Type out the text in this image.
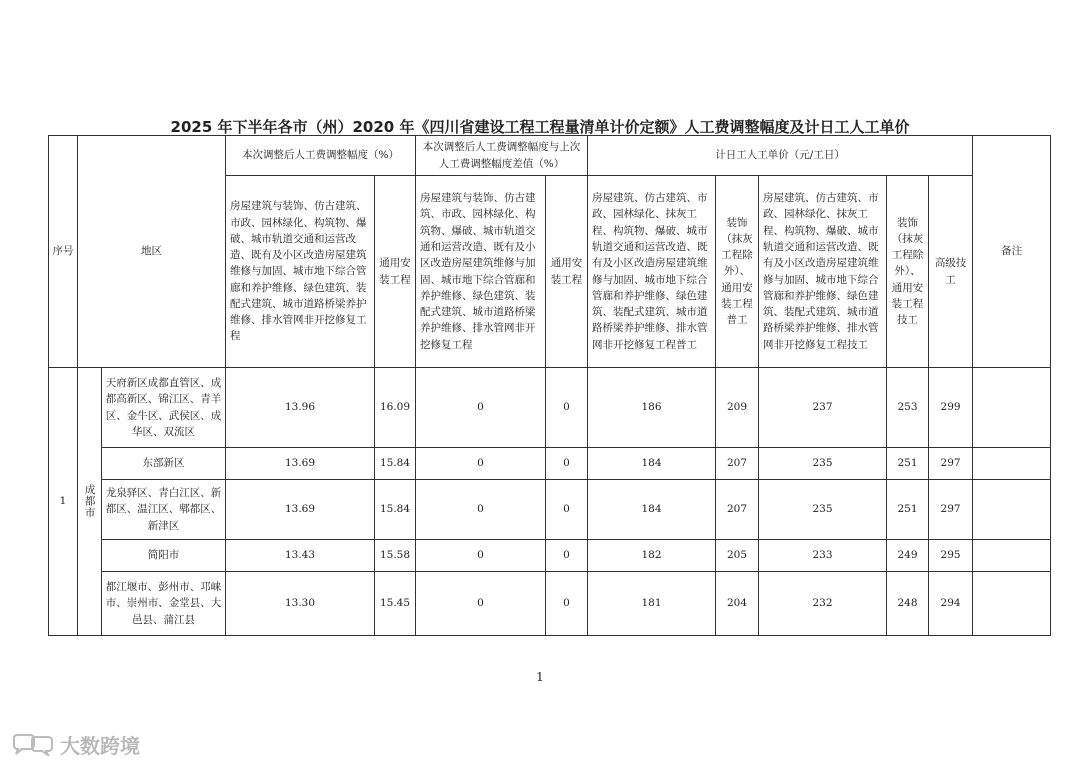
2025 年下半年各市（州）2020 年《四川省建设工程工程量清单计价定额》人工费调整幅度及计日工人工单价
序号	地区		本次调整后人工费调整幅度（%）		本次调整后人工费调整幅度与上次人工费调整幅度差值（%）		计日工人工单价（元/工日）					备注
			房屋建筑与装饰、仿古建筑、市政、园林绿化、构筑物、爆破、城市轨道交通和运营改造、既有及小区改造房屋建筑维修与加固、城市地下综合管廊和养护维修、绿色建筑、装配式建筑、城市道路桥梁养护维修、排水管网非开挖修复工程	通用安装工程	房屋建筑与装饰、仿古建筑、市政、园林绿化、构筑物、爆破、城市轨道交通和运营改造、既有及小区改造房屋建筑维修与加固、城市地下综合管廊和养护维修、绿色建筑、装配式建筑、城市道路桥梁养护维修、排水管网非开挖修复工程	通用安装工程	房屋建筑、仿古建筑、市政、园林绿化、抹灰工程、构筑物、爆破、城市轨道交通和运营改造、既有及小区改造房屋建筑维修与加固、城市地下综合管廊和养护维修、绿色建筑、装配式建筑、城市道路桥梁养护维修、排水管网非开挖修复工程普工	装饰（抹灰工程除外）、通用安装工程普工	房屋建筑、仿古建筑、市政、园林绿化、抹灰工程、构筑物、爆破、城市轨道交通和运营改造、既有及小区改造房屋建筑维修与加固、城市地下综合管廊和养护维修、绿色建筑、装配式建筑、城市道路桥梁养护维修、排水管网非开挖修复工程技工	装饰（抹灰工程除外）、通用安装工程技工	高级技工	
1	成都市	天府新区成都直管区、成都高新区、锦江区、青羊区、金牛区、武侯区、成华区、双流区	13.96	16.09	0	0	186	209	237	253	299	
		东部新区	13.69	15.84	0	0	184	207	235	251	297	
		龙泉驿区、青白江区、新都区、温江区、郫都区、新津区	13.69	15.84	0	0	184	207	235	251	297	
		简阳市	13.43	15.58	0	0	182	205	233	249	295	
		都江堰市、彭州市、邛崃市、崇州市、金堂县、大邑县、蒲江县	13.30	15.45	0	0	181	204	232	248	294	
1
大数跨境
